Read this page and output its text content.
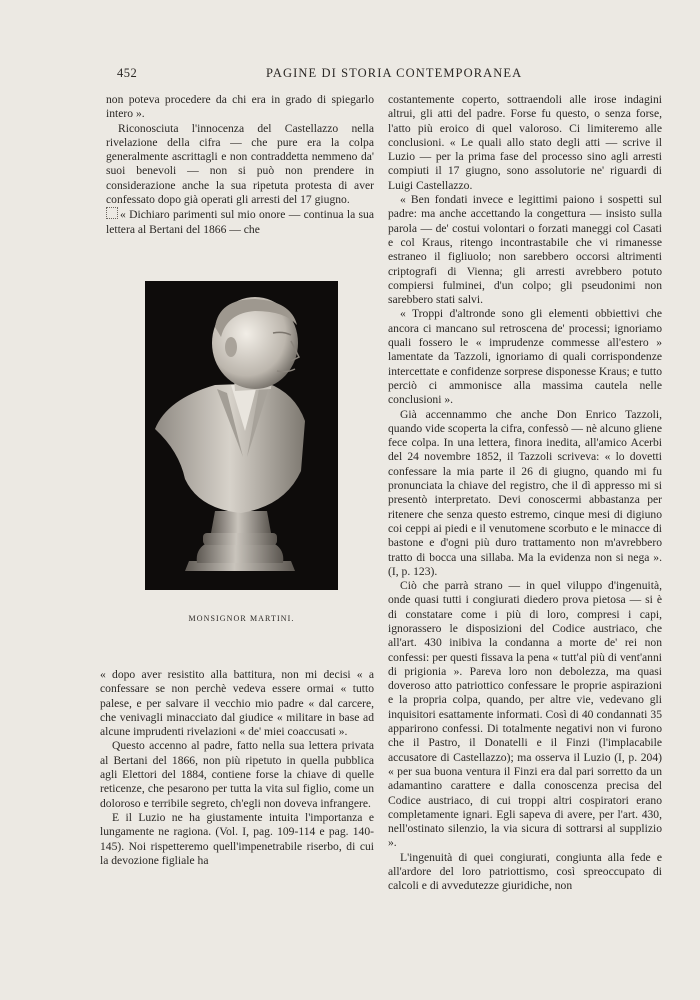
452	PAGINE DI STORIA CONTEMPORANEA

non poteva procedere da chi era in grado di spiegarlo intero ».

Riconosciuta l'innocenza del Castellazzo nella rivelazione della cifra — che pure era la colpa generalmente ascrittagli e non contraddetta nemmeno da' suoi benevoli — non si può non prendere in considerazione anche la sua ripetuta protesta di aver confessato dopo già operati gli arresti del 17 giugno.

« Dichiaro parimenti sul mio onore — continua la sua lettera al Bertani del 1866 — che

MONSIGNOR MARTINI.

« dopo aver resistito alla battitura, non mi decisi « a confessare se non perchè vedeva essere ormai « tutto palese, e per salvare il vecchio mio padre « dal carcere, che venivagli minacciato dal giudice « militare in base ad alcune imprudenti rivelazioni « de' miei coaccusati ».

Questo accenno al padre, fatto nella sua lettera privata al Bertani del 1866, non più ripetuto in quella pubblica agli Elettori del 1884, contiene forse la chiave di quelle reticenze, che pesarono per tutta la vita sul figlio, come un doloroso e terribile segreto, ch'egli non doveva infrangere.

E il Luzio ne ha giustamente intuita l'importanza e lungamente ne ragiona. (Vol. I, pag. 109-114 e pag. 140-145). Noi rispetteremo quell'impenetrabile riserbo, di cui la devozione figliale ha

costantemente coperto, sottraendoli alle irose indagini altrui, gli atti del padre. Forse fu questo, o senza forse, l'atto più eroico di quel valoroso. Ci limiteremo alle conclusioni. « Le quali allo stato degli atti — scrive il Luzio — per la prima fase del processo sino agli arresti compiuti il 17 giugno, sono assolutorie ne' riguardi di Luigi Castellazzo.

« Ben fondati invece e legittimi paiono i sospetti sul padre: ma anche accettando la congettura — insisto sulla parola — de' costui volontari o forzati maneggi col Casati e col Kraus, ritengo incontrastabile che vi rimanesse estraneo il figliuolo; non sarebbero occorsi altrimenti criptografi di Vienna; gli arresti avrebbero potuto compiersi fulminei, d'un colpo; gli pseudonimi non sarebbero stati salvi.

« Troppi d'altronde sono gli elementi obbiettivi che ancora ci mancano sul retroscena de' processi; ignoriamo quali fossero le « imprudenze commesse all'estero » lamentate da Tazzoli, ignoriamo di quali corrispondenze intercettate e confidenze sorprese disponesse Kraus; e tutto perciò ci ammonisce alla massima cautela nelle conclusioni ».

Già accennammo che anche Don Enrico Tazzoli, quando vide scoperta la cifra, confessò — nè alcuno gliene fece colpa. In una lettera, finora inedita, all'amico Acerbi del 24 novembre 1852, il Tazzoli scriveva: « lo dovetti confessare la mia parte il 26 di giugno, quando mi fu pronunciata la chiave del registro, che il dì appresso mi si presentò interpretato. Devi conoscermi abbastanza per ritenere che senza questo estremo, cinque mesi di digiuno coi ceppi ai piedi e il venutomene scorbuto e le minacce di bastone e d'ogni più duro trattamento non m'avrebbero tratto di bocca una sillaba. Ma la evidenza non si nega ». (I, p. 123).

Ciò che parrà strano — in quel viluppo d'ingenuità, onde quasi tutti i congiurati diedero prova pietosa — si è di constatare come i più di loro, compresi i capi, ignorassero le disposizioni del Codice austriaco, che all'art. 430 inibiva la condanna a morte de' rei non confessi: per questi fissava la pena « tutt'al più di vent'anni di prigionia ». Pareva loro non debolezza, ma quasi doveroso atto patriottico confessare le proprie aspirazioni e la propria colpa, quando, per altre vie, vedevano gli inquisitori esattamente informati. Così di 40 condannati 35 apparirono confessi. Di totalmente negativi non vi furono che il Pastro, il Donatelli e il Finzi (l'implacabile accusatore di Castellazzo); ma osserva il Luzio (I, p. 204) « per sua buona ventura il Finzi era dal pari sorretto da un adamantino carattere e dalla conoscenza precisa del Codice austriaco, di cui troppi altri cospiratori erano completamente ignari. Egli sapeva di avere, per l'art. 430, nell'ostinato silenzio, la via sicura di sottrarsi al supplizio ».

L'ingenuità di quei congiurati, congiunta alla fede e all'ardore del loro patriottismo, così spreoccupato di calcoli e di avvedutezze giuridiche, non
